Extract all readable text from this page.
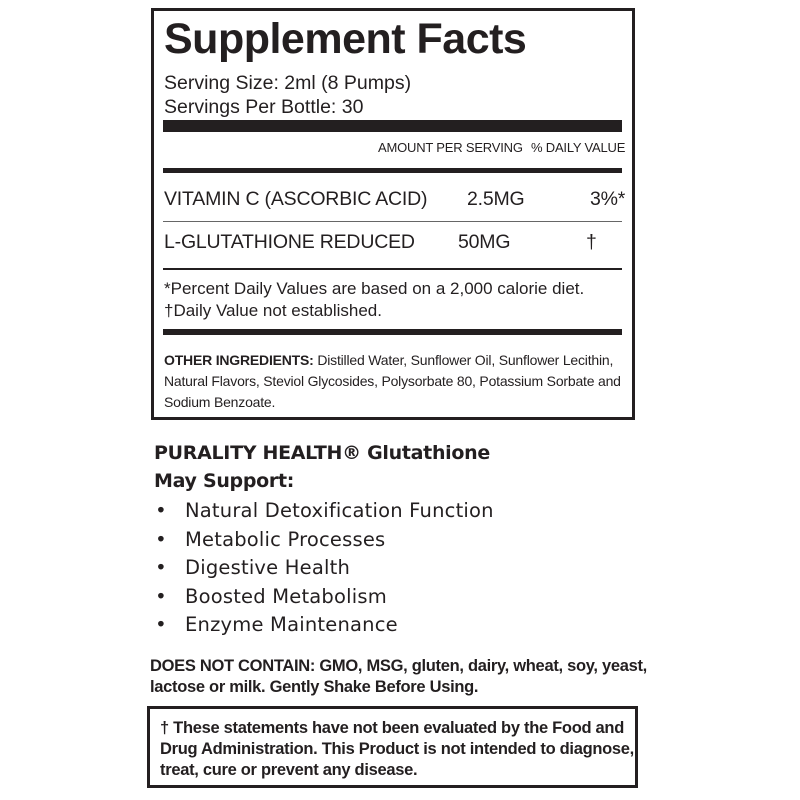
Supplement Facts
Serving Size: 2ml (8 Pumps)
Servings Per Bottle: 30
AMOUNT PER SERVING % DAILY VALUE
VITAMIN C (ASCORBIC ACID) 2.5MG	3%*
L-GLUTATHIONE REDUCED 50MG	†
*Percent Daily Values are based on a 2,000 calorie diet.
†Daily Value not established.
OTHER INGREDIENTS: Distilled Water, Sunflower Oil, Sunflower Lecithin, Natural Flavors, Steviol Glycosides, Polysorbate 80, Potassium Sorbate and Sodium Benzoate.
PURALITY HEALTH® Glutathione
May Support:
• Natural Detoxification Function
• Metabolic Processes
• Digestive Health
• Boosted Metabolism
• Enzyme Maintenance
DOES NOT CONTAIN: GMO, MSG, gluten, dairy, wheat, soy, yeast, lactose or milk. Gently Shake Before Using.
† These statements have not been evaluated by the Food and Drug Administration. This Product is not intended to diagnose, treat, cure or prevent any disease.
